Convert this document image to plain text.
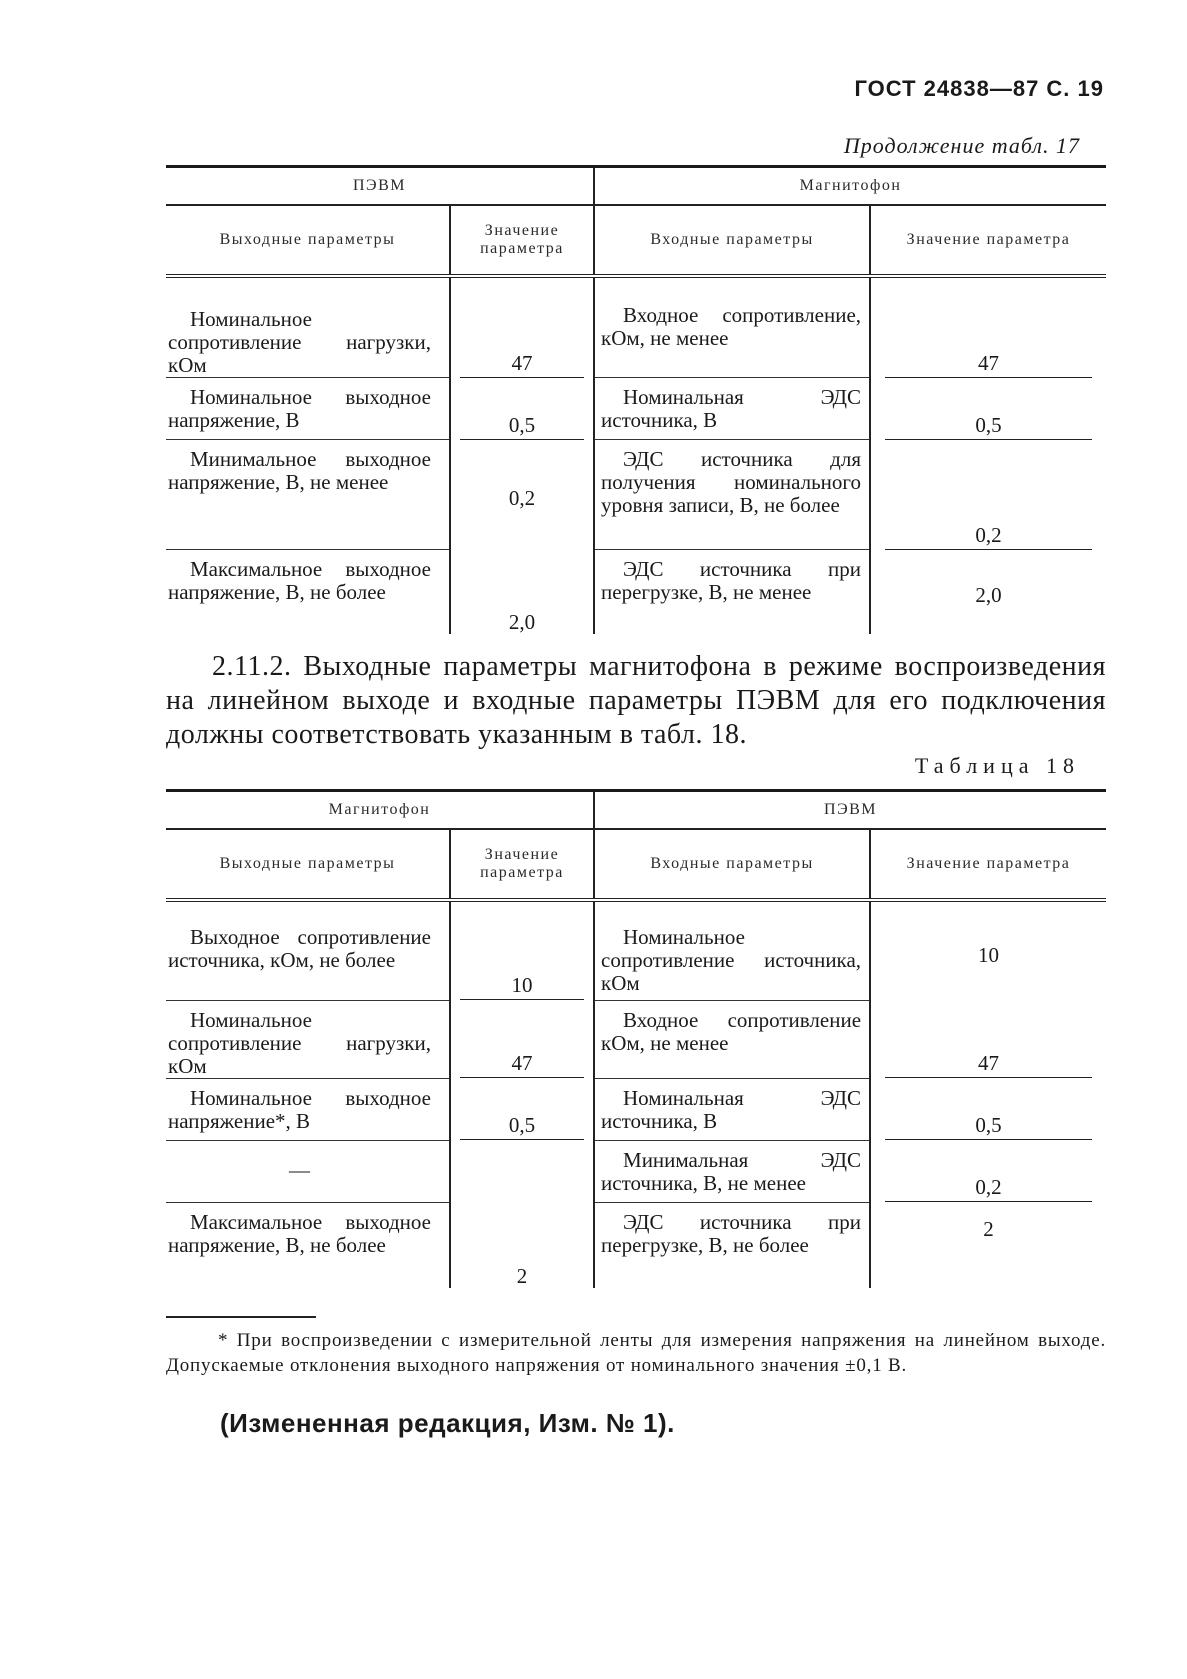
ГОСТ 24838—87 С. 19
Продолжение табл. 17
ПЭВМ		Магнитофон	
Выходные параметры	Значение параметра	Входные параметры	Значение параметра

Номинальное сопротивление нагрузки, кОм	47	Входное сопротивление, кОм, не менее	47

Номинальное выходное напряжение, В	0,5	Номинальная ЭДС источника, В	0,5

Минимальное выходное напряжение, В, не менее	0,2	ЭДС источника для получения номинального уровня записи, В, не более	0,2

Максимальное выходное напряжение, В, не более	2,0	ЭДС источника при перегрузке, В, не менее	2,0
2.11.2. Выходные параметры магнитофона в режиме воспроизведения на линейном выходе и входные параметры ПЭВМ для его подключения должны соответствовать указанным в табл. 18.
Таблица 18
Магнитофон		ПЭВМ	
Выходные параметры	Значение параметра	Входные параметры	Значение параметра

Выходное сопротивление источника, кОм, не более	10	Номинальное сопротивление источника, кОм	10

Номинальное сопротивление нагрузки, кОм	47	Входное сопротивление кОм, не менее	47

Номинальное выходное напряжение*, В	0,5	Номинальная ЭДС источника, В	0,5

—		Минимальная ЭДС источника, В, не менее	0,2

Максимальное выходное напряжение, В, не более	2	ЭДС источника при перегрузке, В, не более	2
* При воспроизведении с измерительной ленты для измерения напряжения на линейном выходе. Допускаемые отклонения выходного напряжения от номинального значения ±0,1 В.
(Измененная редакция, Изм. № 1).
